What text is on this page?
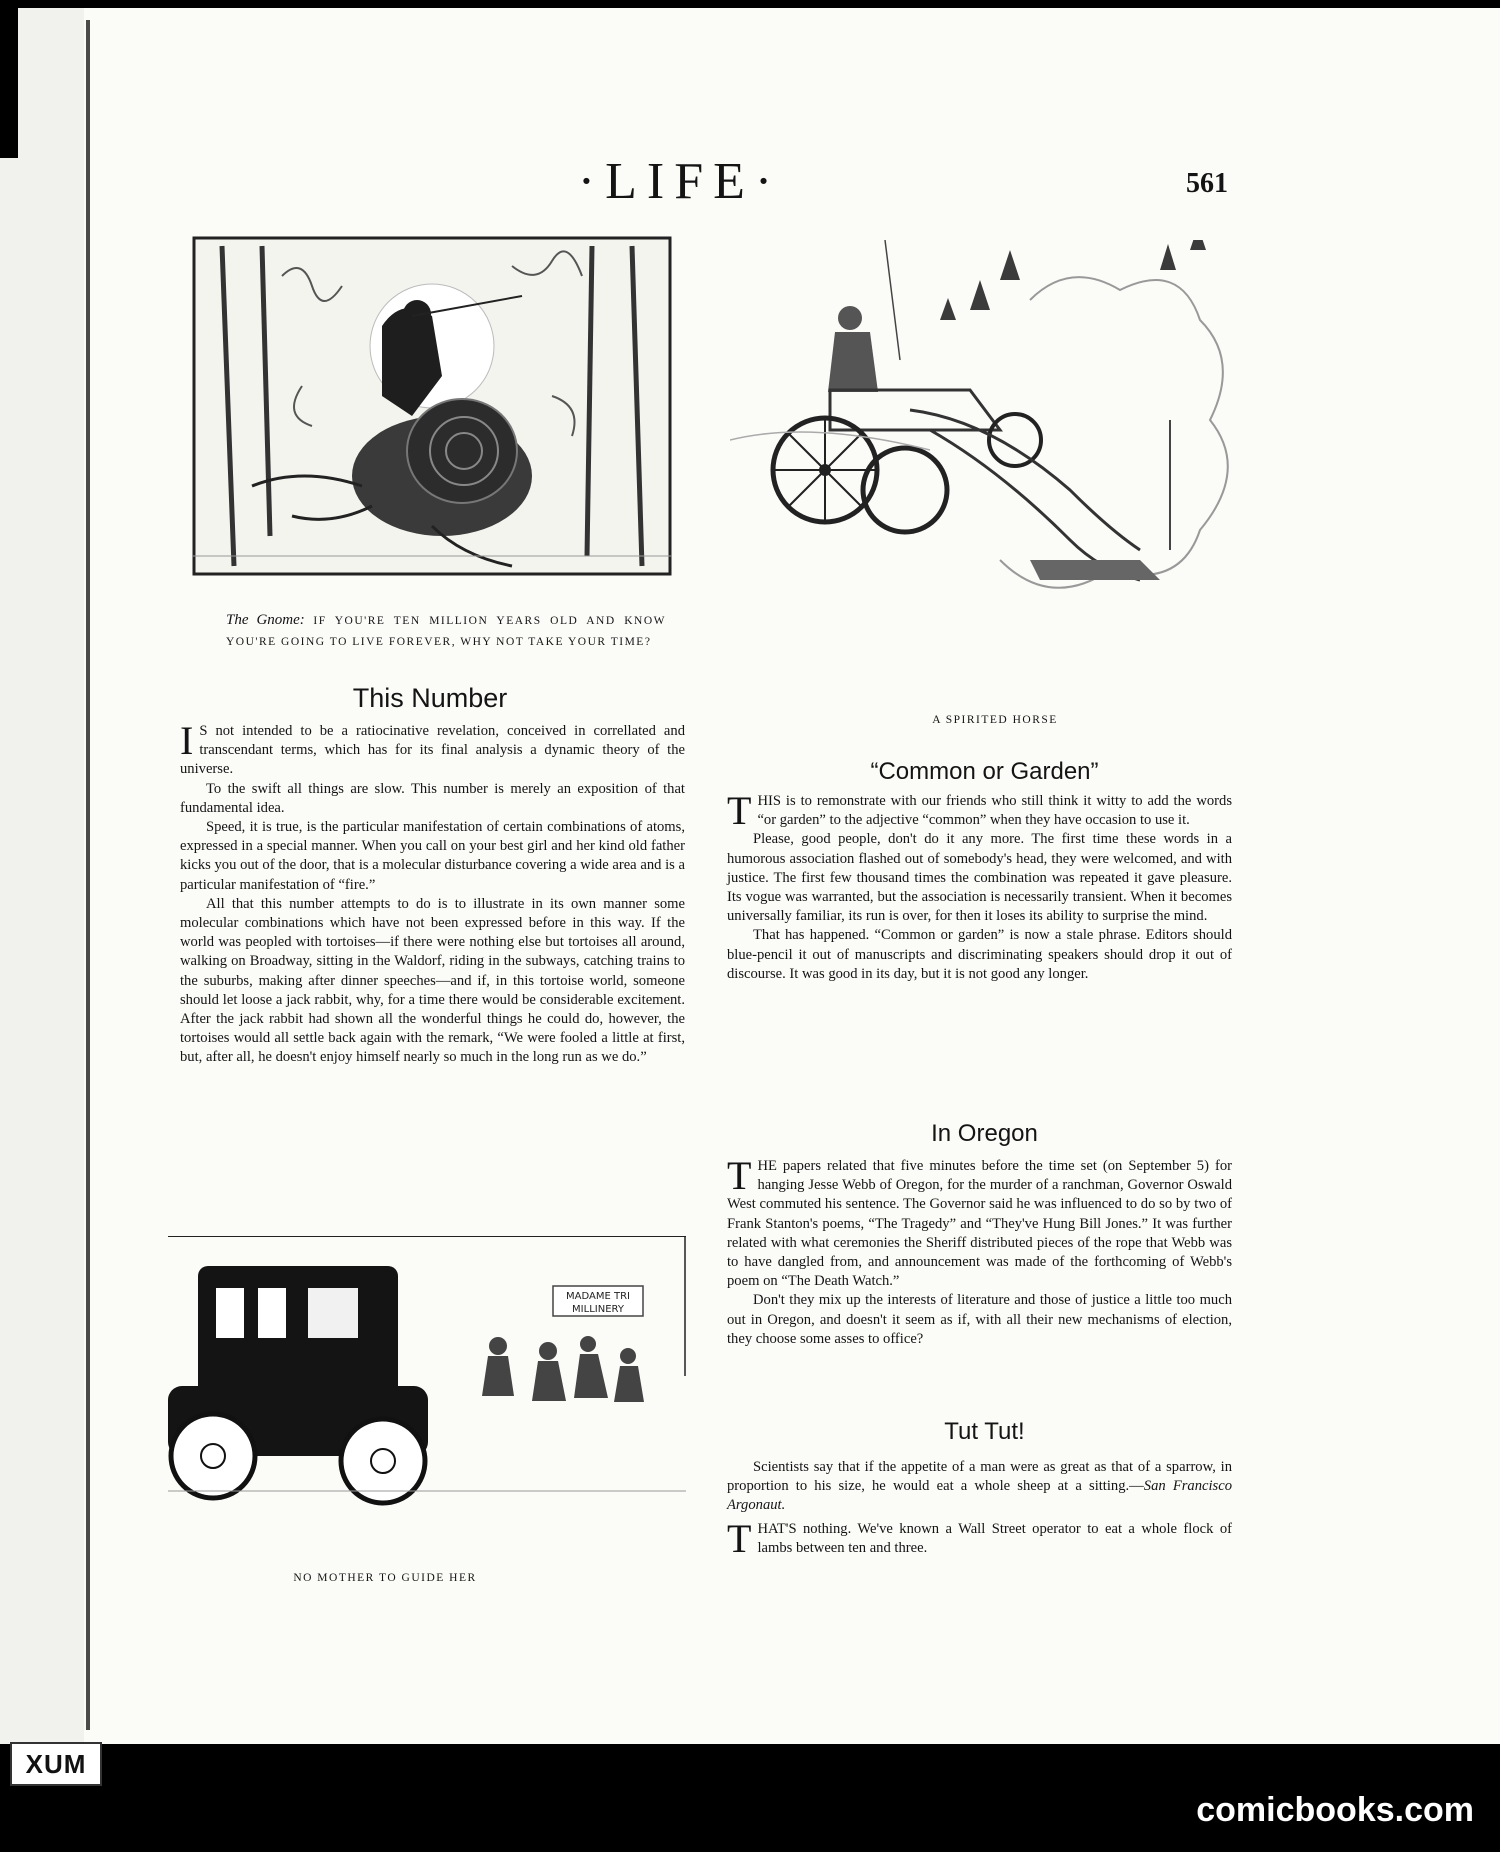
·LIFE·	561
The Gnome: IF YOU'RE TEN MILLION YEARS OLD AND KNOW YOU'RE GOING TO LIVE FOREVER, WHY NOT TAKE YOUR TIME?
A SPIRITED HORSE
This Number

I S not intended to be a ratiocinative revelation, conceived in correllated and transcendant terms, which has for its final analysis a dynamic theory of the universe.

To the swift all things are slow. This number is merely an exposition of that fundamental idea.

Speed, it is true, is the particular manifestation of certain combinations of atoms, expressed in a special manner. When you call on your best girl and her kind old father kicks you out of the door, that is a molecular disturbance covering a wide area and is a particular manifestation of “fire.”

All that this number attempts to do is to illustrate in its own manner some molecular combinations which have not been expressed before in this way. If the world was peopled with tortoises—if there were nothing else but tortoises all around, walking on Broadway, sitting in the Waldorf, riding in the subways, catching trains to the suburbs, making after dinner speeches—and if, in this tortoise world, someone should let loose a jack rabbit, why, for a time there would be considerable excitement. After the jack rabbit had shown all the wonderful things he could do, however, the tortoises would all settle back again with the remark, “We were fooled a little at first, but, after all, he doesn't enjoy himself nearly so much in the long run as we do.”

MADAME TRI
MILLINERY
NO MOTHER TO GUIDE HER
“Common or Garden”

THIS is to remonstrate with our friends who still think it witty to add the words “or garden” to the adjective “common” when they have occasion to use it.

Please, good people, don't do it any more. The first time these words in a humorous association flashed out of somebody's head, they were welcomed, and with justice. The first few thousand times the combination was repeated it gave pleasure. Its vogue was warranted, but the association is necessarily transient. When it becomes universally familiar, its run is over, for then it loses its ability to surprise the mind.

That has happened. “Common or garden” is now a stale phrase. Editors should blue-pencil it out of manuscripts and discriminating speakers should drop it out of discourse. It was good in its day, but it is not good any longer.

In Oregon

THE papers related that five minutes before the time set (on September 5) for hanging Jesse Webb of Oregon, for the murder of a ranchman, Governor Oswald West commuted his sentence. The Governor said he was influenced to do so by two of Frank Stanton's poems, “The Tragedy” and “They've Hung Bill Jones.” It was further related with what ceremonies the Sheriff distributed pieces of the rope that Webb was to have dangled from, and announcement was made of the forthcoming of Webb's poem on “The Death Watch.”

Don't they mix up the interests of literature and those of justice a little too much out in Oregon, and doesn't it seem as if, with all their new mechanisms of election, they choose some asses to office?

Tut Tut!

Scientists say that if the appetite of a man were as great as that of a sparrow, in proportion to his size, he would eat a whole sheep at a sitting.—San Francisco Argonaut.

THAT'S nothing. We've known a Wall Street operator to eat a whole flock of lambs between ten and three.

XUM
comicbooks.com
